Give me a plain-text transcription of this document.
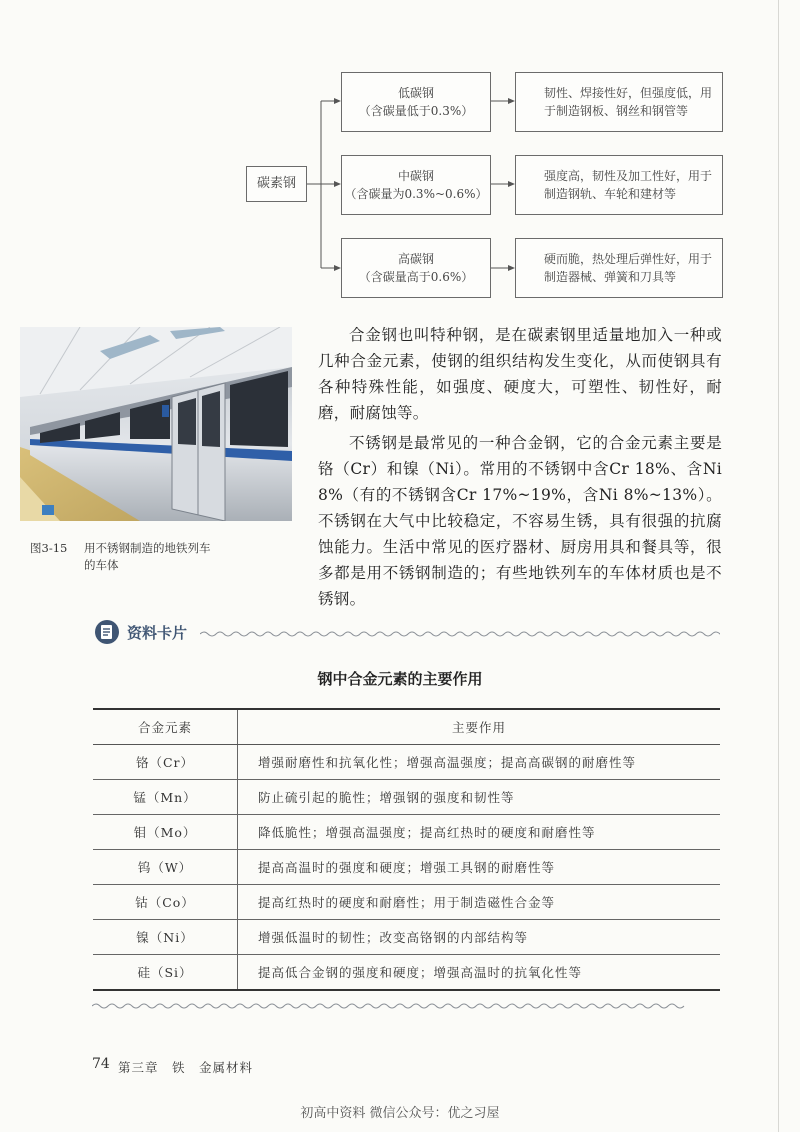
碳素钢
低碳钢
（含碳量低于0.3%）
韧性、焊接性好，但强度低，用
于制造钢板、钢丝和钢管等
中碳钢
（含碳量为0.3%~0.6%）
强度高，韧性及加工性好，用于
制造钢轨、车轮和建材等
高碳钢
（含碳量高于0.6%）
硬而脆，热处理后弹性好，用于
制造器械、弹簧和刀具等
图3-15 用不锈钢制造的地铁列车
的车体

合金钢也叫特种钢，是在碳素钢里适量地加入一种或几种合金元素，使钢的组织结构发生变化，从而使钢具有各种特殊性能，如强度、硬度大，可塑性、韧性好，耐磨，耐腐蚀等。

不锈钢是最常见的一种合金钢，它的合金元素主要是铬（Cr）和镍（Ni）。常用的不锈钢中含Cr 18%、含Ni 8%（有的不锈钢含Cr 17%~19%，含Ni 8%~13%）。不锈钢在大气中比较稳定，不容易生锈，具有很强的抗腐蚀能力。生活中常见的医疗器材、厨房用具和餐具等，很多都是用不锈钢制造的；有些地铁列车的车体材质也是不锈钢。

资料卡片
钢中合金元素的主要作用
合金元素	主要作用
铬（Cr）	增强耐磨性和抗氧化性；增强高温强度；提高高碳钢的耐磨性等
锰（Mn）	防止硫引起的脆性；增强钢的强度和韧性等
钼（Mo）	降低脆性；增强高温强度；提高红热时的硬度和耐磨性等
钨（W）	提高高温时的强度和硬度；增强工具钢的耐磨性等
钴（Co）	提高红热时的硬度和耐磨性；用于制造磁性合金等
镍（Ni）	增强低温时的韧性；改变高铬钢的内部结构等
硅（Si）	提高低合金钢的强度和硬度；增强高温时的抗氧化性等
74 第三章　铁　金属材料
初高中资料 微信公众号：优之习屋
